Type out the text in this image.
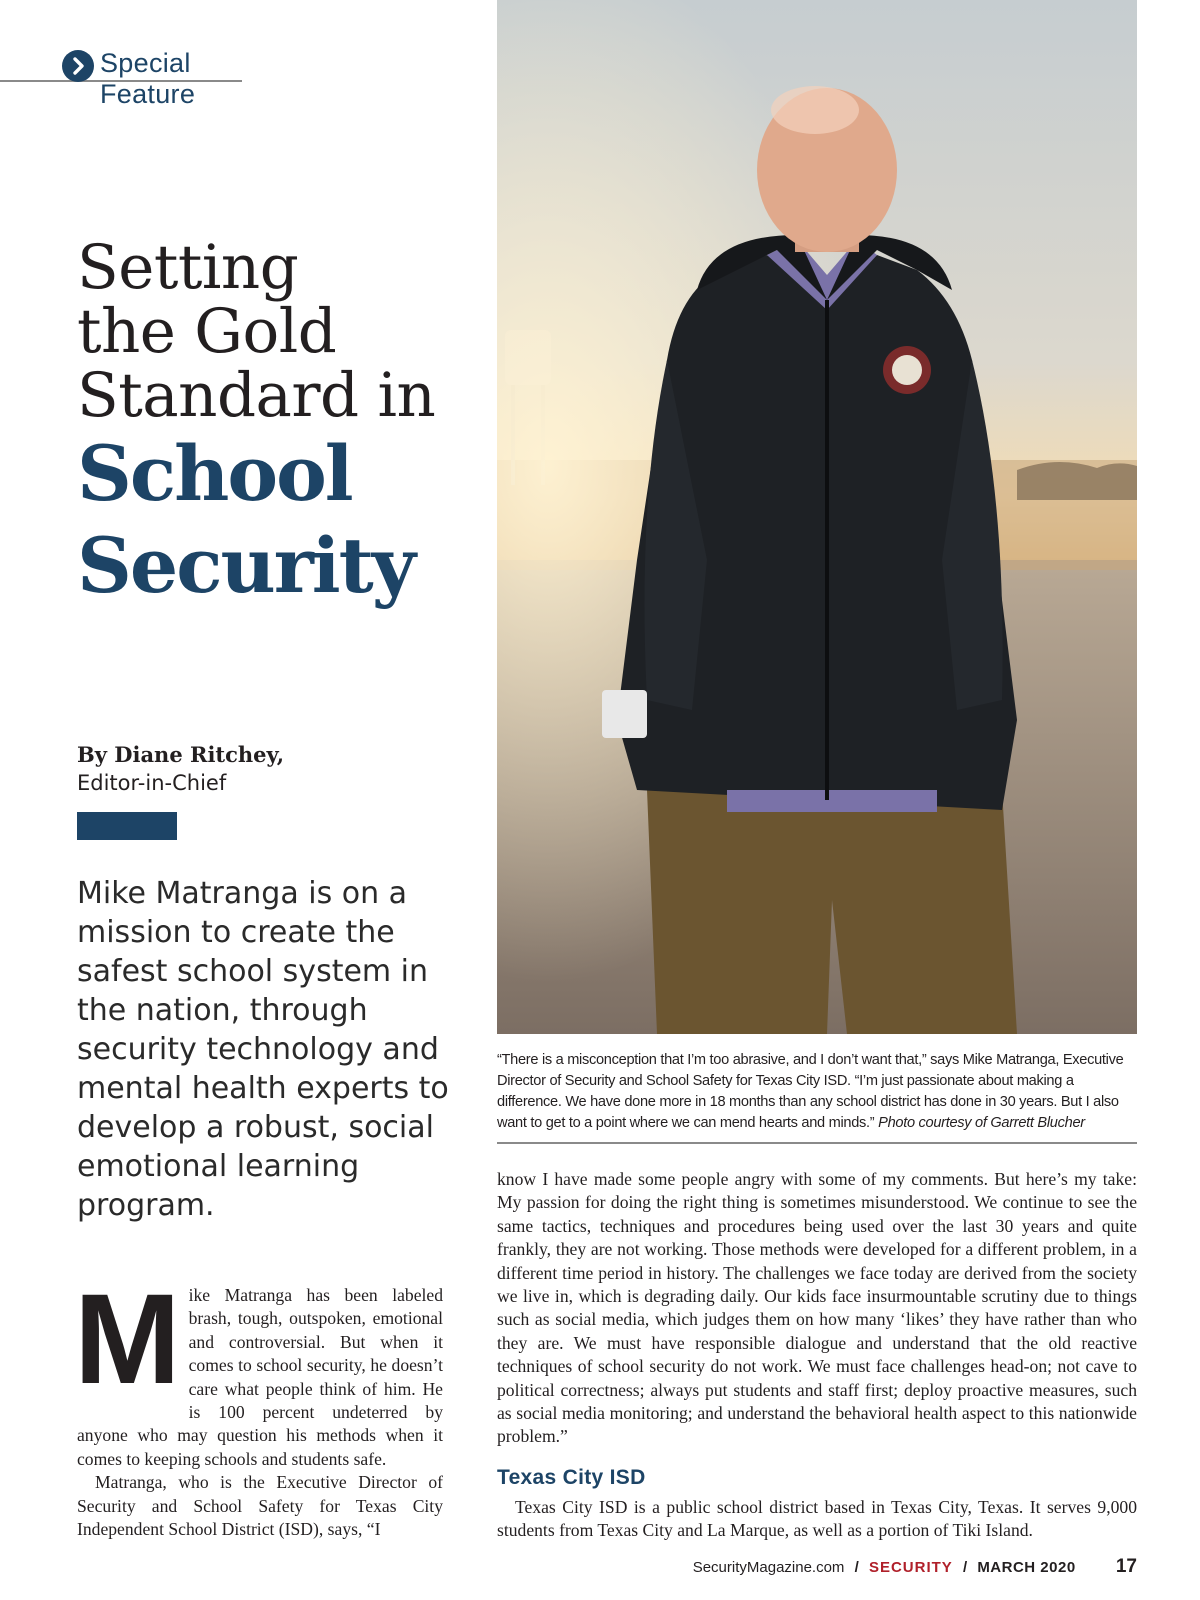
Special Feature
Setting
the Gold
Standard in
School
Security
By Diane Ritchey,
Editor-in-Chief
Mike Matranga is on a mission to create the safest school system in the nation, through security technology and mental health experts to develop a robust, social emotional learning program.
“There is a misconception that I’m too abrasive, and I don’t want that,” says Mike Matranga, Executive Director of Security and School Safety for Texas City ISD. “I’m just passionate about making a difference. We have done more in 18 months than any school district has done in 30 years. But I also want to get to a point where we can mend hearts and minds.” Photo courtesy of Garrett Blucher
M ike Matranga has been labeled brash, tough, outspoken, emotional and controversial. But when it comes to school security, he doesn’t care what people think of him. He is 100 percent undeterred by anyone who may question his methods when it comes to keeping schools and students safe.

Matranga, who is the Executive Director of Security and School Safety for Texas City Independent School District (ISD), says, “I

know I have made some people angry with some of my comments. But here’s my take: My passion for doing the right thing is sometimes misunderstood. We continue to see the same tactics, techniques and procedures being used over the last 30 years and quite frankly, they are not working. Those methods were developed for a different problem, in a different time period in history. The challenges we face today are derived from the society we live in, which is degrading daily. Our kids face insurmountable scrutiny due to things such as social media, which judges them on how many ‘likes’ they have rather than who they are. We must have responsible dialogue and understand that the old reactive techniques of school security do not work. We must face challenges head-on; not cave to political correctness; always put students and staff first; deploy proactive measures, such as social media monitoring; and understand the behavioral health aspect to this nationwide problem.”

Texas City ISD

Texas City ISD is a public school district based in Texas City, Texas. It serves 9,000 students from Texas City and La Marque, as well as a portion of Tiki Island.

SecurityMagazine.com / SECURITY / MARCH 2020 17
